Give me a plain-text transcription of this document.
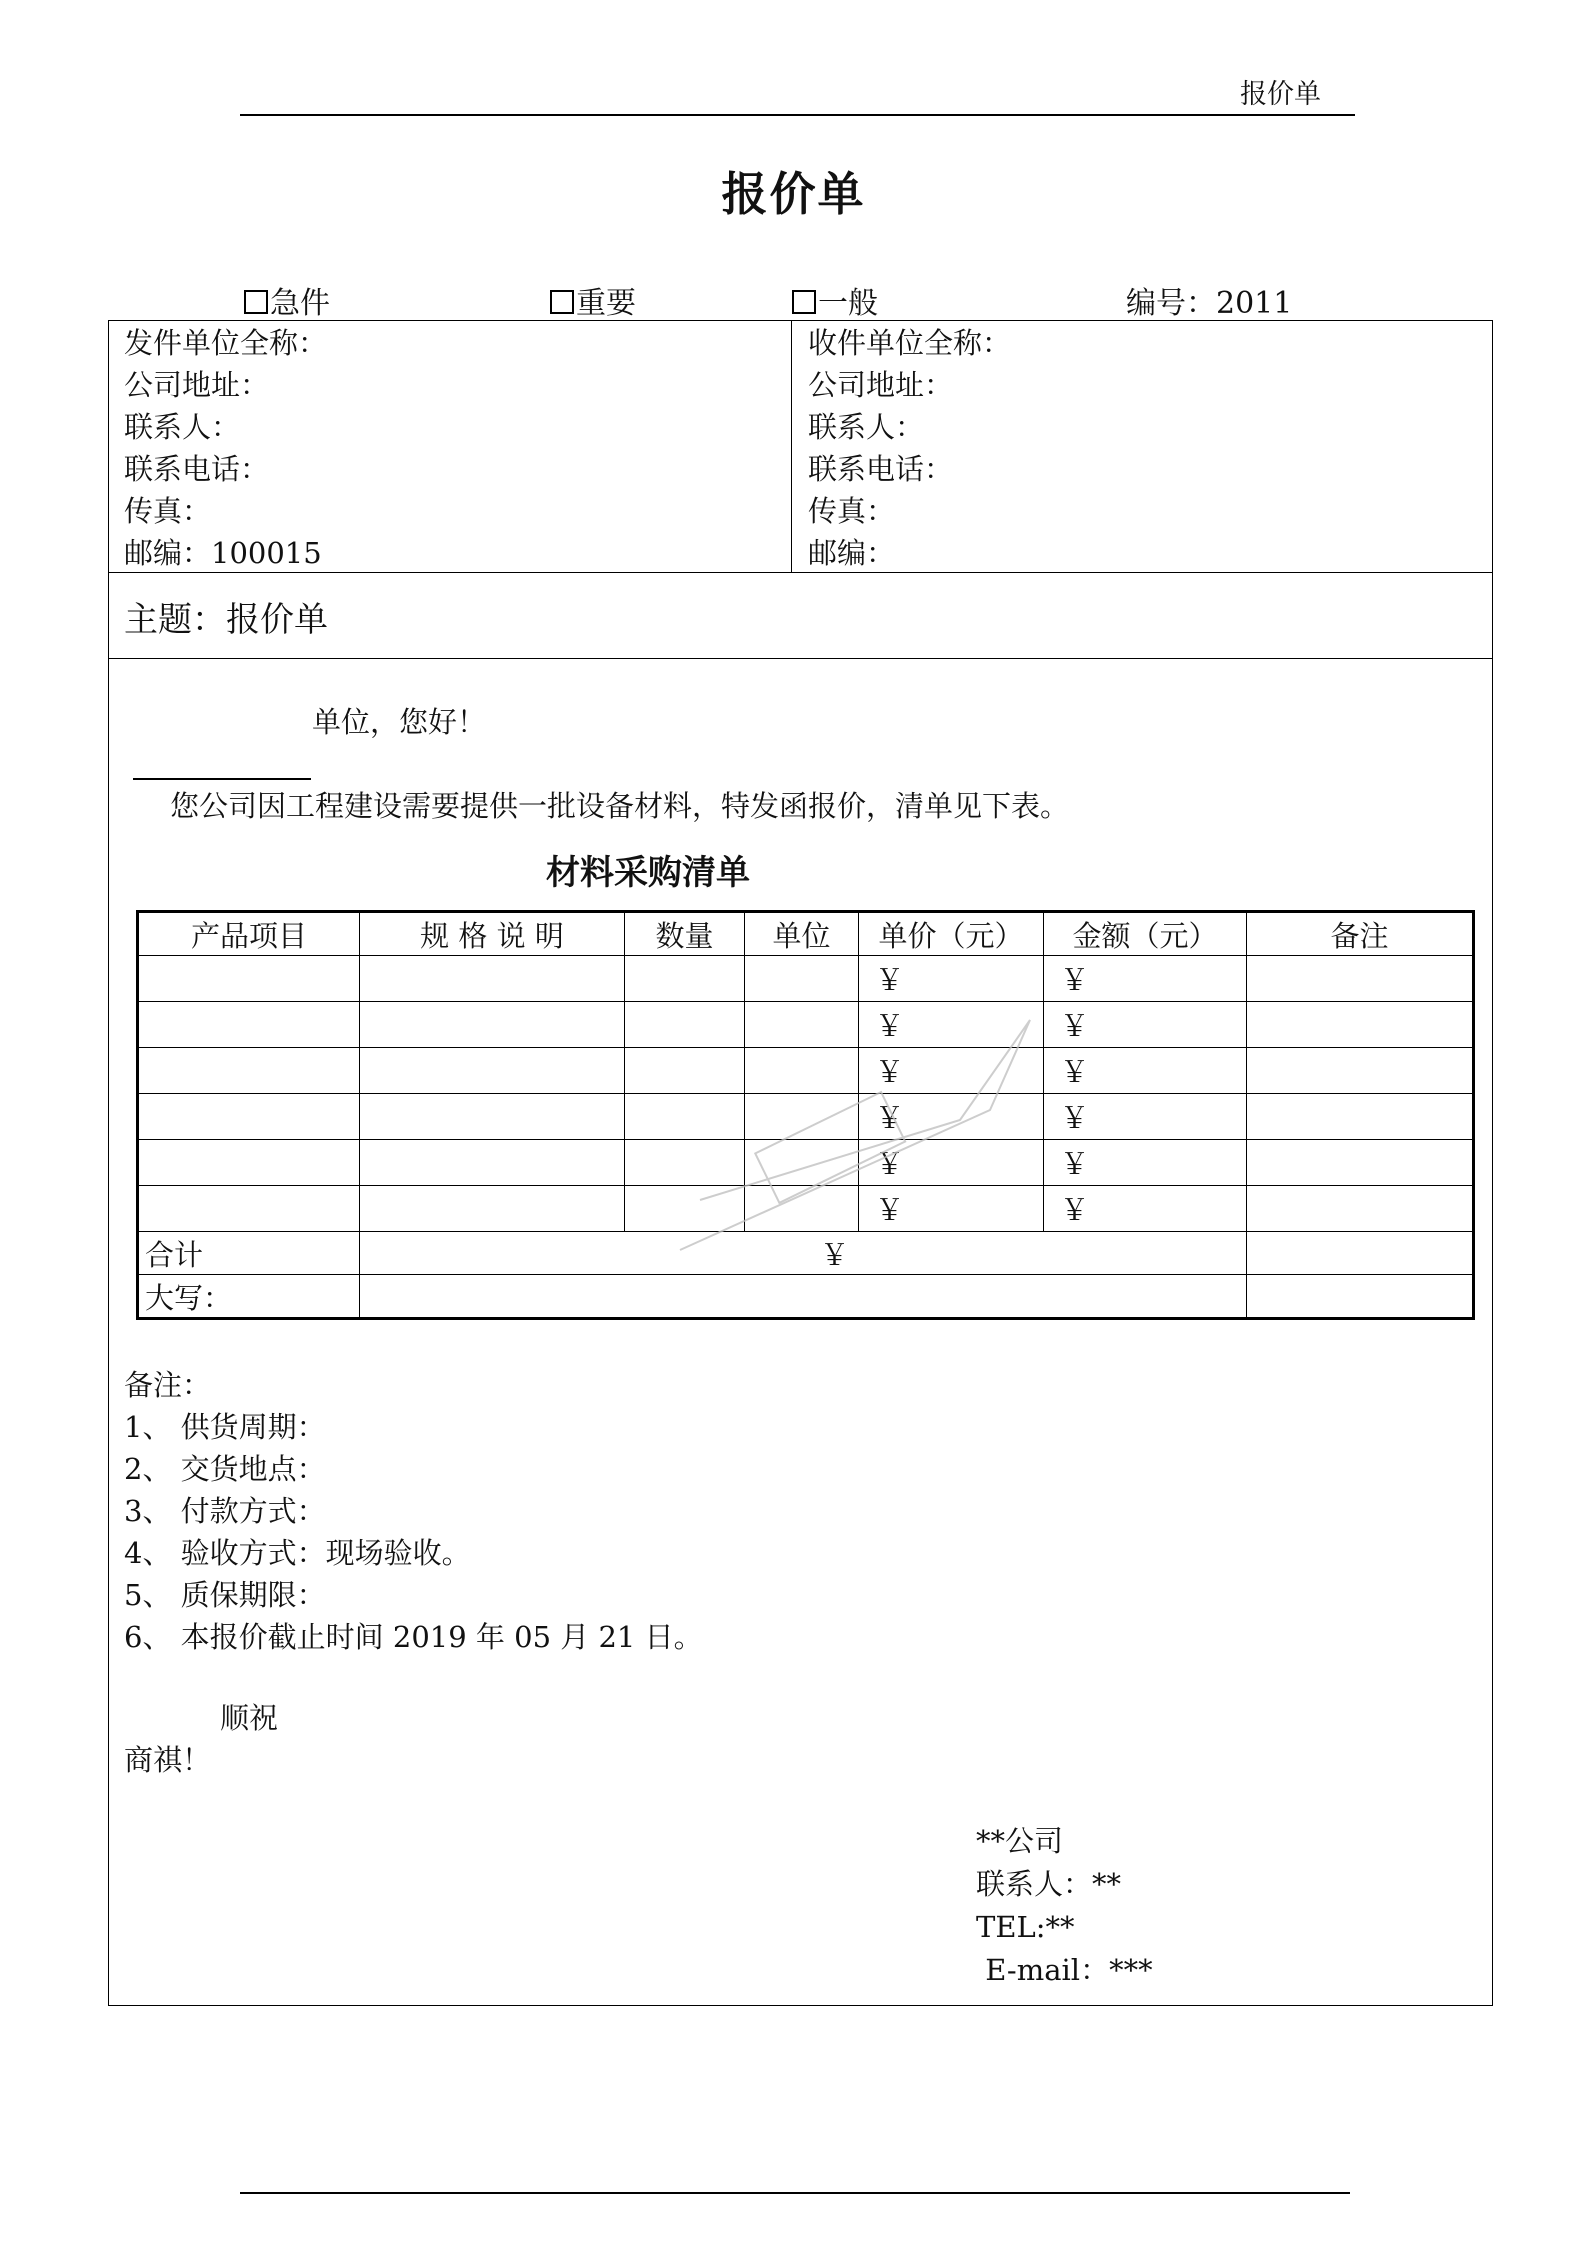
报价单
报价单
急件	重要	一般	编号：2011
发件单位全称：
公司地址：
联系人：
联系电话：
传真：
邮编：100015
收件单位全称：
公司地址：
联系人：
联系电话：
传真：
邮编：
主题：报价单
单位，您好！
您公司因工程建设需要提供一批设备材料，特发函报价，清单见下表。
材料采购清单
产品项目	规 格 说 明	数量	单位	单价（元）	金额（元）	备注
				￥	￥	
				￥	￥	
				￥	￥	
				￥	￥	
				￥	￥	
				￥	￥	
合计	￥					
大写：						
备注：
1、 供货周期：
2、 交货地点：
3、 付款方式：
4、 验收方式：现场验收。
5、 质保期限：
6、 本报价截止时间 2019 年 05 月 21 日。
顺祝
商祺！
**公司
联系人：**
TEL:**
E-mail：***
